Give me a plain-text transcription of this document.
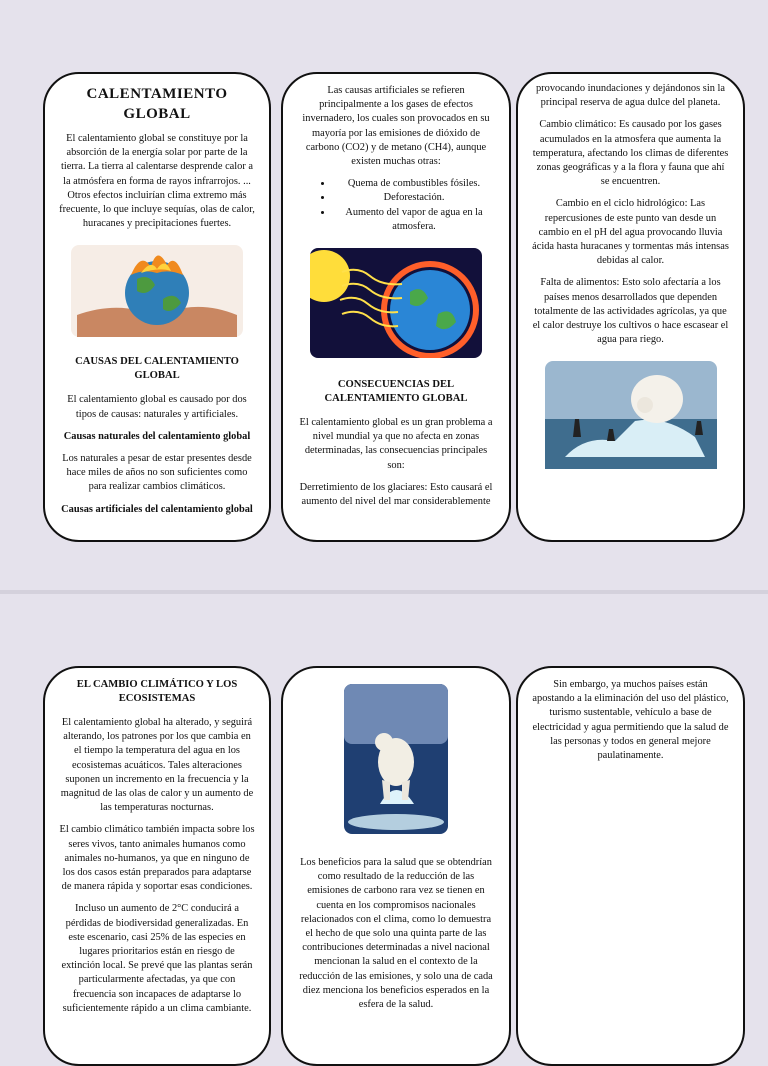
CALENTAMIENTO GLOBAL

El calentamiento global se constituye por la absorción de la energía solar por parte de la tierra. La tierra al calentarse desprende calor a la atmósfera en forma de rayos infrarrojos. ... Otros efectos incluirían clima extremo más frecuente, lo que incluye sequías, olas de calor, huracanes y precipitaciones fuertes.

CAUSAS DEL CALENTAMIENTO GLOBAL

El calentamiento global es causado por dos tipos de causas: naturales y artificiales.

Causas naturales del calentamiento global

Los naturales a pesar de estar presentes desde hace miles de años no son suficientes como para realizar cambios climáticos.

Causas artificiales del calentamiento global

Las causas artificiales se refieren principalmente a los gases de efectos invernadero, los cuales son provocados en su mayoría por las emisiones de dióxido de carbono (CO2) y de metano (CH4), aunque existen muchas otras:

• Quema de combustibles fósiles.
• Deforestación.
• Aumento del vapor de agua en la atmosfera.
CONSECUENCIAS DEL CALENTAMIENTO GLOBAL

El calentamiento global es un gran problema a nivel mundial ya que no afecta en zonas determinadas, las consecuencias principales son:

Derretimiento de los glaciares: Esto causará el aumento del nivel del mar considerablemente

provocando inundaciones y dejándonos sin la principal reserva de agua dulce del planeta.

Cambio climático: Es causado por los gases acumulados en la atmosfera que aumenta la temperatura, afectando los climas de diferentes zonas geográficas y a la flora y fauna que ahí se encuentren.

Cambio en el ciclo hidrológico: Las repercusiones de este punto van desde un cambio en el pH del agua provocando lluvia ácida hasta huracanes y tormentas más intensas debidas al calor.

Falta de alimentos: Esto solo afectaría a los países menos desarrollados que dependen totalmente de las actividades agrícolas, ya que el calor destruye los cultivos o hace escasear el agua para riego.

EL CAMBIO CLIMÁTICO Y LOS ECOSISTEMAS

El calentamiento global ha alterado, y seguirá alterando, los patrones por los que cambia en el tiempo la temperatura del agua en los ecosistemas acuáticos. Tales alteraciones suponen un incremento en la frecuencia y la magnitud de las olas de calor y un aumento de las temperaturas nocturnas.

El cambio climático también impacta sobre los seres vivos, tanto animales humanos como animales no-humanos, ya que en ninguno de los dos casos están preparados para adaptarse de manera rápida y soportar esas condiciones.

Incluso un aumento de 2°C conducirá a pérdidas de biodiversidad generalizadas. En este escenario, casi 25% de las especies en lugares prioritarios están en riesgo de extinción local. Se prevé que las plantas serán particularmente afectadas, ya que con frecuencia son incapaces de adaptarse lo suficientemente rápido a un clima cambiante.

Los beneficios para la salud que se obtendrían como resultado de la reducción de las emisiones de carbono rara vez se tienen en cuenta en los compromisos nacionales relacionados con el clima, como lo demuestra el hecho de que solo una quinta parte de las contribuciones determinadas a nivel nacional mencionan la salud en el contexto de la reducción de las emisiones, y solo una de cada diez menciona los beneficios esperados en la esfera de la salud.

Sin embargo, ya muchos países están apostando a la eliminación del uso del plástico, turismo sustentable, vehículo a base de electricidad y agua permitiendo que la salud de las personas y todos en general mejore paulatinamente.
